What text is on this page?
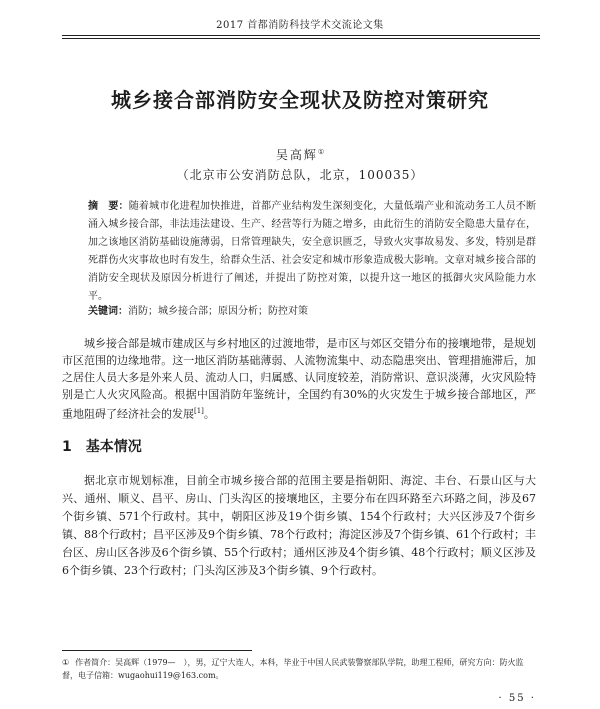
2017 首都消防科技学术交流论文集
城乡接合部消防安全现状及防控对策研究
吴高辉①
（北京市公安消防总队，北京，100035）
摘　要：随着城市化进程加快推进，首都产业结构发生深刻变化，大量低端产业和流动务工人员不断涌入城乡接合部，非法违法建设、生产、经营等行为随之增多，由此衍生的消防安全隐患大量存在，加之该地区消防基础设施薄弱，日常管理缺失，安全意识匮乏，导致火灾事故易发、多发，特别是群死群伤火灾事故也时有发生，给群众生活、社会安定和城市形象造成极大影响。文章对城乡接合部的消防安全现状及原因分析进行了阐述，并提出了防控对策，以提升这一地区的抵御火灾风险能力水平。
关键词：消防；城乡接合部；原因分析；防控对策
城乡接合部是城市建成区与乡村地区的过渡地带，是市区与郊区交错分布的接壤地带，是规划市区范围的边缘地带。这一地区消防基础薄弱、人流物流集中、动态隐患突出、管理措施滞后，加之居住人员大多是外来人员、流动人口，归属感、认同度较差，消防常识、意识淡薄，火灾风险特别是亡人火灾风险高。根据中国消防年鉴统计，全国约有30%的火灾发生于城乡接合部地区，严重地阻碍了经济社会的发展[1]。
1 基本情况
据北京市规划标准，目前全市城乡接合部的范围主要是指朝阳、海淀、丰台、石景山区与大兴、通州、顺义、昌平、房山、门头沟区的接壤地区，主要分布在四环路至六环路之间，涉及67个街乡镇、571个行政村。其中，朝阳区涉及19个街乡镇、154个行政村；大兴区涉及7个街乡镇、88个行政村；昌平区涉及9个街乡镇、78个行政村；海淀区涉及7个街乡镇、61个行政村；丰台区、房山区各涉及6个街乡镇、55个行政村；通州区涉及4个街乡镇、48个行政村；顺义区涉及6个街乡镇、23个行政村；门头沟区涉及3个街乡镇、9个行政村。
① 作者简介：吴高辉（1979—　），男，辽宁大连人，本科，毕业于中国人民武装警察部队学院，助理工程师，研究方向：防火监督，电子信箱：wugaohui119@163.com。
· 55 ·
